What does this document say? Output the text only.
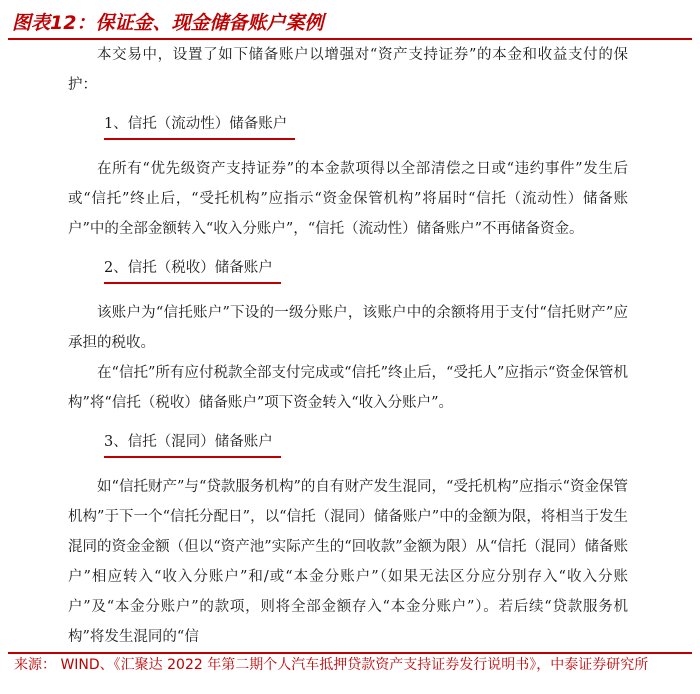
图表12：保证金、现金储备账户案例

本交易中，设置了如下储备账户以增强对“资产支持证券”的本金和收益支付的保护：

1、信托（流动性）储备账户

在所有“优先级资产支持证券”的本金款项得以全部清偿之日或“违约事件”发生后或“信托”终止后，“受托机构”应指示“资金保管机构”将届时“信托（流动性）储备账户”中的全部金额转入“收入分账户”，“信托（流动性）储备账户”不再储备资金。

2、信托（税收）储备账户

该账户为“信托账户”下设的一级分账户，该账户中的余额将用于支付“信托财产”应承担的税收。

在“信托”所有应付税款全部支付完成或“信托”终止后，“受托人”应指示“资金保管机构”将“信托（税收）储备账户”项下资金转入“收入分账户”。

3、信托（混同）储备账户

如“信托财产”与“贷款服务机构”的自有财产发生混同，“受托机构”应指示“资金保管机构”于下一个“信托分配日”，以“信托（混同）储备账户”中的金额为限，将相当于发生混同的资金金额（但以“资产池”实际产生的“回收款”金额为限）从“信托（混同）储备账户”相应转入“收入分账户”和/或“本金分账户”（如果无法区分应分别存入“收入分账户”及“本金分账户”的款项，则将全部金额存入“本金分账户”）。若后续“贷款服务机构”将发生混同的“信

来源： WIND、《汇聚达 2022 年第二期个人汽车抵押贷款资产支持证券发行说明书》，中泰证券研究所
